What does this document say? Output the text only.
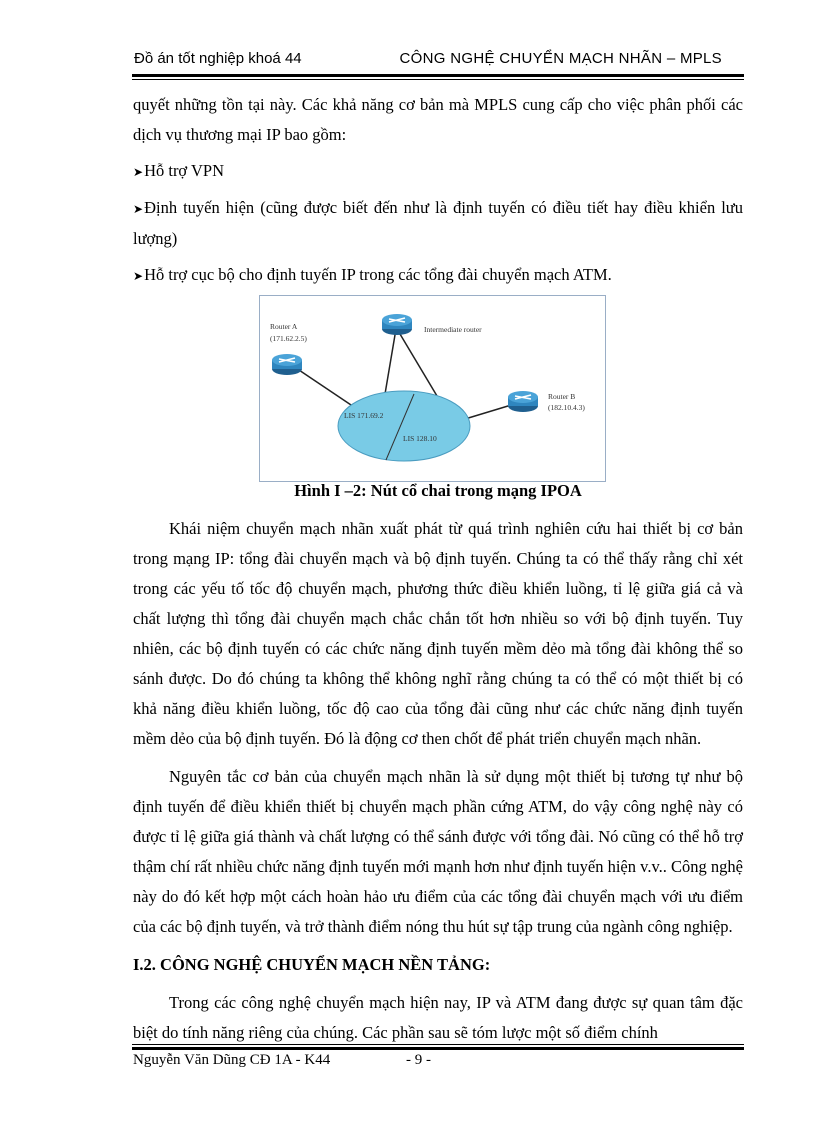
Đồ án tốt nghiệp khoá 44	CÔNG NGHỆ CHUYỂN MẠCH NHÃN – MPLS

quyết những tồn tại này. Các khả năng cơ bản mà MPLS cung cấp cho việc phân phối các dịch vụ thương mại IP bao gồm:

➤Hỗ trợ VPN

➤Định tuyến hiện (cũng được biết đến như là định tuyến có điều tiết hay điều khiển lưu lượng)

➤Hỗ trợ cục bộ cho định tuyến IP trong các tổng đài chuyển mạch ATM.

Router A
(171.62.2.5)
Intermediate router
Router B
(182.10.4.3)
LIS 171.69.2
LIS 128.10
Hình I –2: Nút cổ chai trong mạng IPOA

Khái niệm chuyển mạch nhãn xuất phát từ quá trình nghiên cứu hai thiết bị cơ bản trong mạng IP: tổng đài chuyển mạch và bộ định tuyến. Chúng ta có thể thấy rằng chỉ xét trong các yếu tố tốc độ chuyển mạch, phương thức điều khiển luồng, tỉ lệ giữa giá cả và chất lượng thì tổng đài chuyển mạch chắc chắn tốt hơn nhiều so với bộ định tuyến. Tuy nhiên, các bộ định tuyến có các chức năng định tuyến mềm dẻo mà tổng đài không thể so sánh được. Do đó chúng ta không thể không nghĩ rằng chúng ta có thể có một thiết bị có khả năng điều khiển luồng, tốc độ cao của tổng đài cũng như các chức năng định tuyến mềm dẻo của bộ định tuyến. Đó là động cơ then chốt để phát triển chuyển mạch nhãn.

Nguyên tắc cơ bản của chuyển mạch nhãn là sử dụng một thiết bị tương tự như bộ định tuyến để điều khiển thiết bị chuyển mạch phần cứng ATM, do vậy công nghệ này có được tỉ lệ giữa giá thành và chất lượng có thể sánh được với tổng đài. Nó cũng có thể hỗ trợ thậm chí rất nhiều chức năng định tuyến mới mạnh hơn như định tuyến hiện v.v.. Công nghệ này do đó kết hợp một cách hoàn hảo ưu điểm của các tổng đài chuyển mạch với ưu điểm của các bộ định tuyến, và trở thành điểm nóng thu hút sự tập trung của ngành công nghiệp.

I.2. CÔNG NGHỆ CHUYỂN MẠCH NỀN TẢNG:

Trong các công nghệ chuyển mạch hiện nay, IP và ATM đang được sự quan tâm đặc biệt do tính năng riêng của chúng. Các phần sau sẽ tóm lược một số điểm chính

Nguyễn Văn Dũng CĐ 1A - K44	- 9 -
